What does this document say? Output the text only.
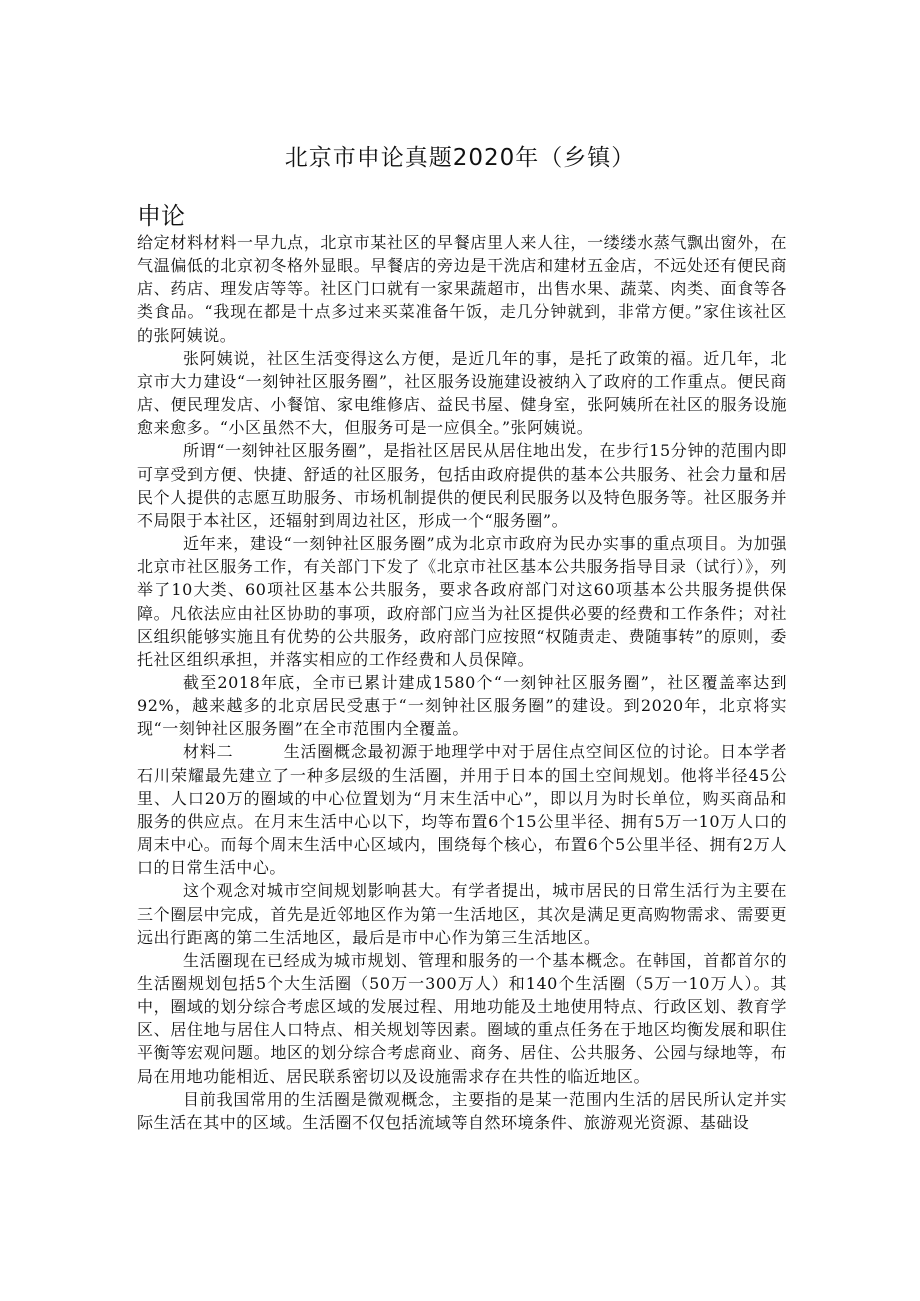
北京市申论真题2020年（乡镇）
申论

给定材料材料一早九点，北京市某社区的早餐店里人来人往，一缕缕水蒸气飘出窗外，在气温偏低的北京初冬格外显眼。早餐店的旁边是干洗店和建材五金店，不远处还有便民商店、药店、理发店等等。社区门口就有一家果蔬超市，出售水果、蔬菜、肉类、面食等各类食品。“我现在都是十点多过来买菜准备午饭，走几分钟就到，非常方便。”家住该社区的张阿姨说。

张阿姨说，社区生活变得这么方便，是近几年的事，是托了政策的福。近几年，北京市大力建设“一刻钟社区服务圈”，社区服务设施建设被纳入了政府的工作重点。便民商店、便民理发店、小餐馆、家电维修店、益民书屋、健身室，张阿姨所在社区的服务设施愈来愈多。“小区虽然不大，但服务可是一应俱全。”张阿姨说。

所谓“一刻钟社区服务圈”，是指社区居民从居住地出发，在步行15分钟的范围内即可享受到方便、快捷、舒适的社区服务，包括由政府提供的基本公共服务、社会力量和居民个人提供的志愿互助服务、市场机制提供的便民利民服务以及特色服务等。社区服务并不局限于本社区，还辐射到周边社区，形成一个“服务圈”。

近年来，建设“一刻钟社区服务圈”成为北京市政府为民办实事的重点项目。为加强北京市社区服务工作，有关部门下发了《北京市社区基本公共服务指导目录（试行）》，列举了10大类、60项社区基本公共服务，要求各政府部门对这60项基本公共服务提供保障。凡依法应由社区协助的事项，政府部门应当为社区提供必要的经费和工作条件；对社区组织能够实施且有优势的公共服务，政府部门应按照“权随责走、费随事转”的原则，委托社区组织承担，并落实相应的工作经费和人员保障。

截至2018年底，全市已累计建成1580个“一刻钟社区服务圈”，社区覆盖率达到92%，越来越多的北京居民受惠于“一刻钟社区服务圈”的建设。到2020年，北京将实现“一刻钟社区服务圈”在全市范围内全覆盖。

材料二　　　生活圈概念最初源于地理学中对于居住点空间区位的讨论。日本学者石川荣耀最先建立了一种多层级的生活圈，并用于日本的国土空间规划。他将半径45公里、人口20万的圈域的中心位置划为“月末生活中心”，即以月为时长单位，购买商品和服务的供应点。在月末生活中心以下，均等布置6个15公里半径、拥有5万一10万人口的周末中心。而每个周末生活中心区域内，围绕每个核心，布置6个5公里半径、拥有2万人口的日常生活中心。

这个观念对城市空间规划影响甚大。有学者提出，城市居民的日常生活行为主要在三个圈层中完成，首先是近邻地区作为第一生活地区，其次是满足更高购物需求、需要更远出行距离的第二生活地区，最后是市中心作为第三生活地区。

生活圈现在已经成为城市规划、管理和服务的一个基本概念。在韩国，首都首尔的生活圈规划包括5个大生活圈（50万一300万人）和140个生活圈（5万一10万人）。其中，圈域的划分综合考虑区域的发展过程、用地功能及土地使用特点、行政区划、教育学区、居住地与居住人口特点、相关规划等因素。圈域的重点任务在于地区均衡发展和职住平衡等宏观问题。地区的划分综合考虑商业、商务、居住、公共服务、公园与绿地等，布局在用地功能相近、居民联系密切以及设施需求存在共性的临近地区。

目前我国常用的生活圈是微观概念，主要指的是某一范围内生活的居民所认定并实际生活在其中的区域。生活圈不仅包括流域等自然环境条件、旅游观光资源、基础设
